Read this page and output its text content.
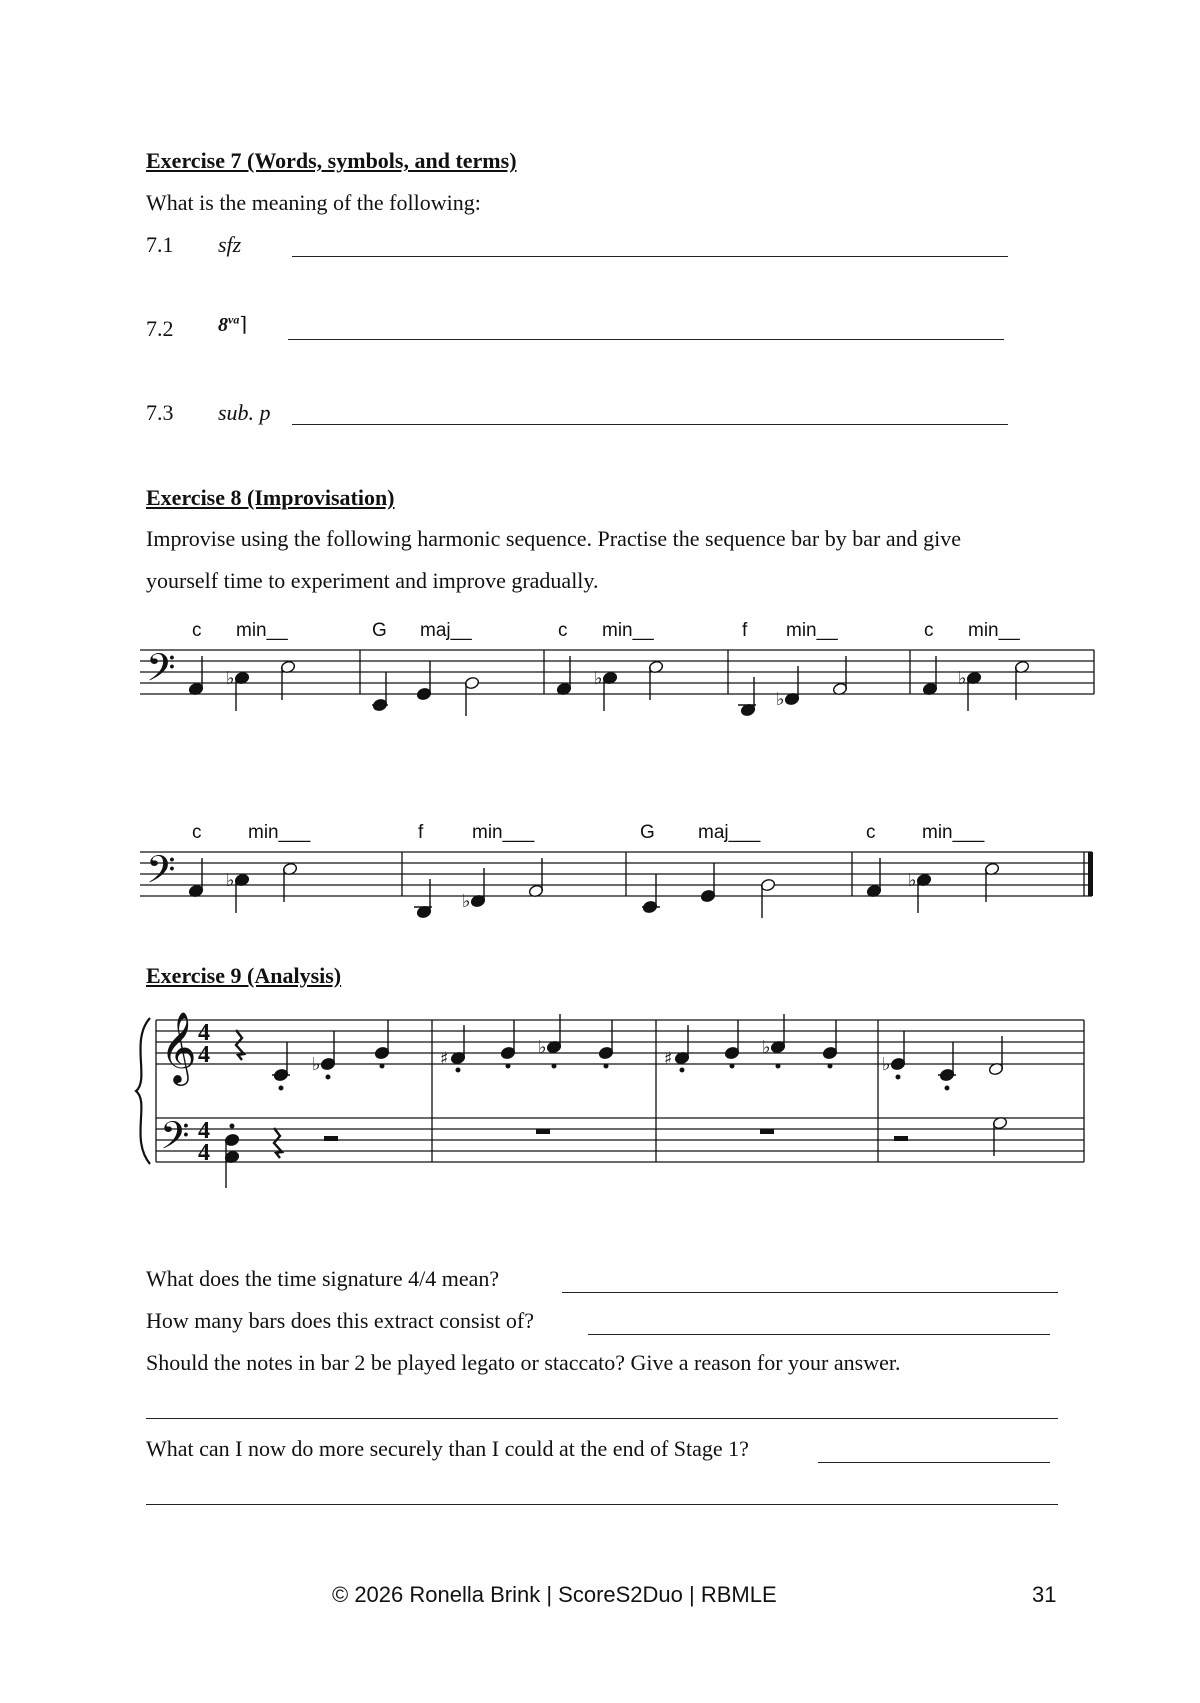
Exercise 7 (Words, symbols, and terms)
What is the meaning of the following:
7.1 sfz
7.2 $8^{va}⌉$
7.3 sub. p
Exercise 8 (Improvisation)
Improvise using the following harmonic sequence. Practise the sequence bar by bar and give
yourself time to experiment and improve gradually.
c min__	G maj__	c min__	f min__	c min__
c min___	f	min___	G maj___	c min___
𝄢
𝄢
𝄞
𝄢
4
4
4
4
♭	♭
♭
♭
♭
♭
♭
♭	♯
♭
♯
♭
♭
Exercise 9 (Analysis)
What does the time signature 4/4 mean?
How many bars does this extract consist of?
Should the notes in bar 2 be played legato or staccato? Give a reason for your answer.
What can I now do more securely than I could at the end of Stage 1?
© 2026 Ronella Brink | ScoreS2Duo | RBMLE	31
